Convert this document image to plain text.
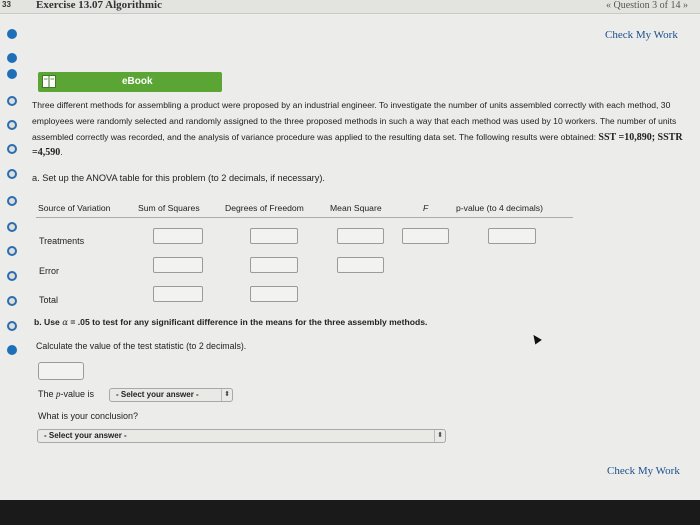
33 Exercise 13.07 Algorithmic	« Question 3 of 14 »
Check My Work
eBook
Three different methods for assembling a product were proposed by an industrial engineer. To investigate the number of units assembled correctly with each method, 30 employees were randomly selected and randomly assigned to the three proposed methods in such a way that each method was used by 10 workers. The number of units assembled correctly was recorded, and the analysis of variance procedure was applied to the resulting data set. The following results were obtained: SST =10,890; SSTR =4,590.
a. Set up the ANOVA table for this problem (to 2 decimals, if necessary).
Source of Variation	Sum of Squares	Degrees of Freedom	Mean Square	F	p-value (to 4 decimals)
Treatments
Error
Total
b. Use α = .05 to test for any significant difference in the means for the three assembly methods.
Calculate the value of the test statistic (to 2 decimals).
The p-value is	- Select your answer -	⬍
What is your conclusion?
- Select your answer -	⬍
Check My Work
